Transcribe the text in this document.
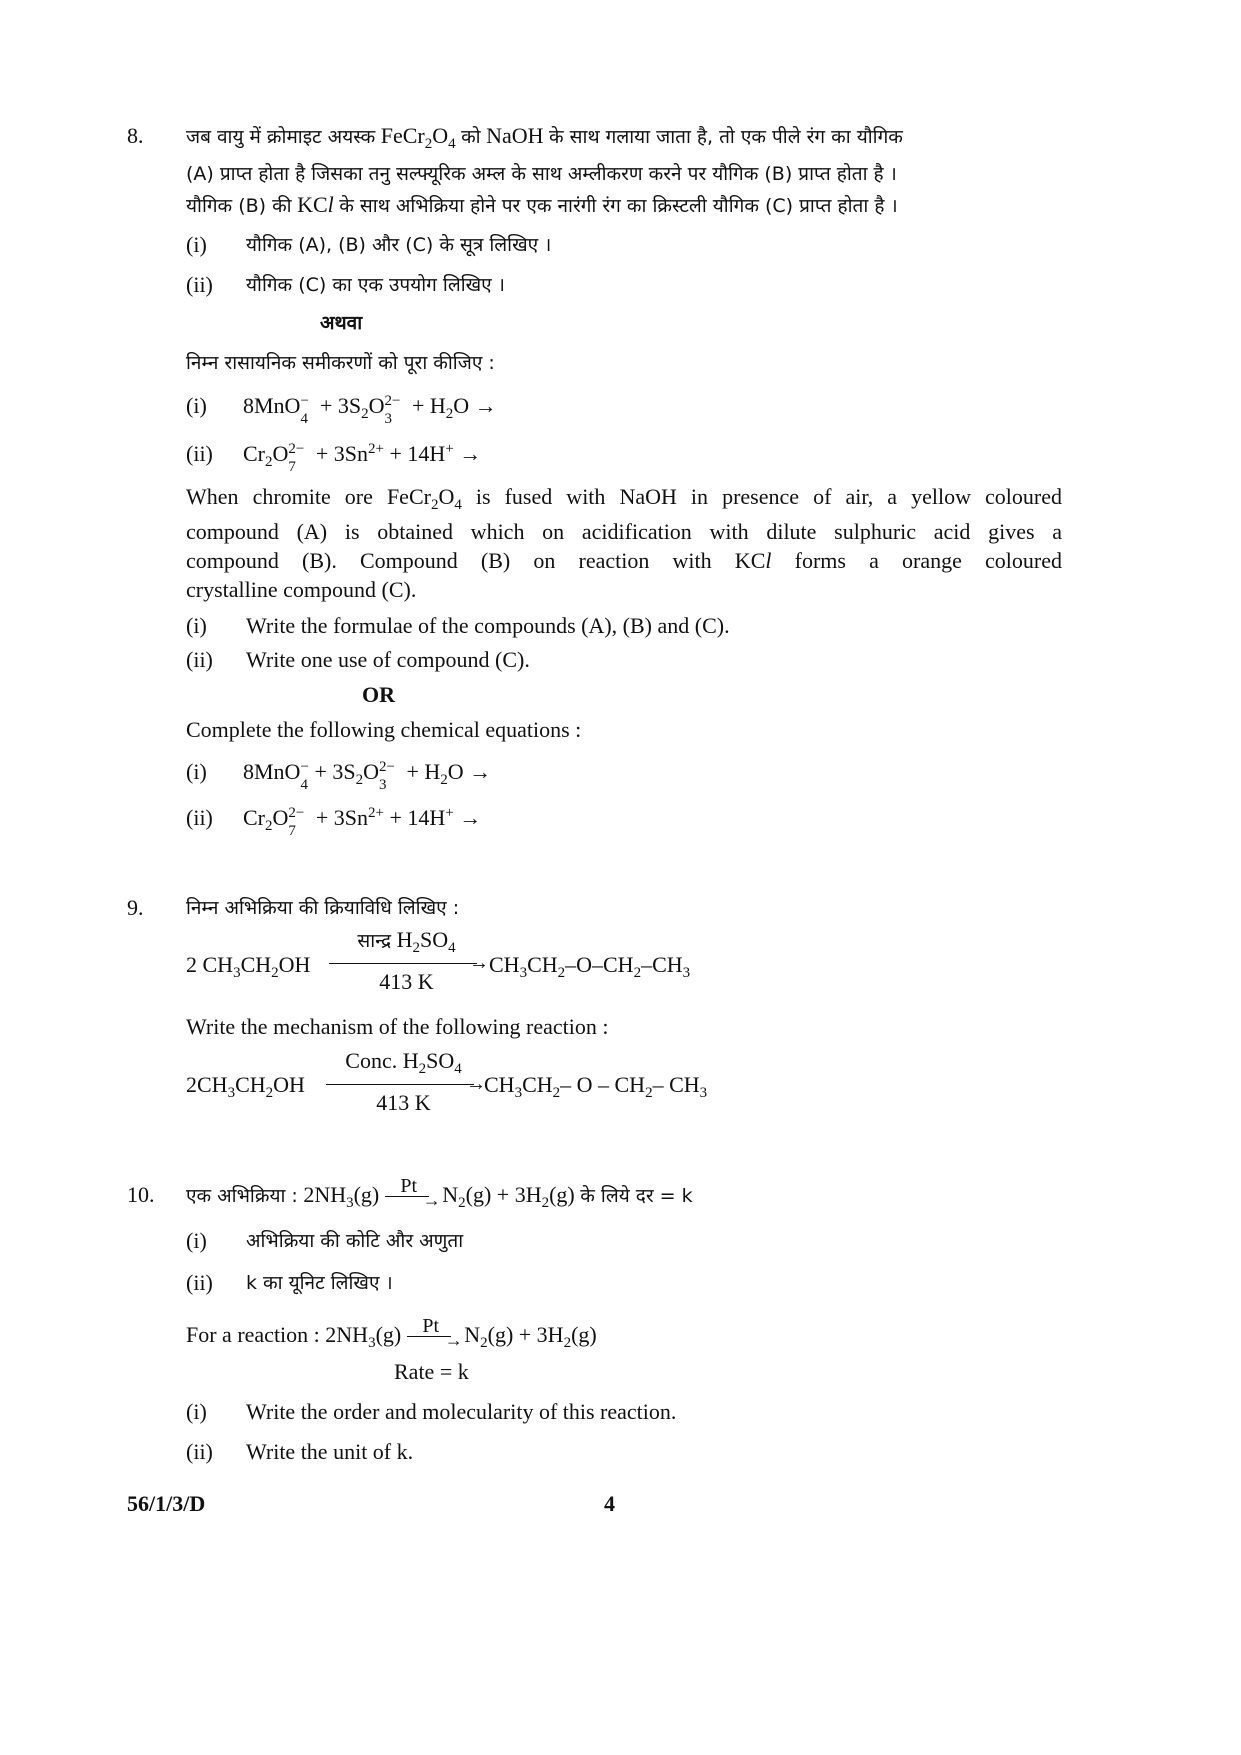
8. जब वायु में क्रोमाइट अयस्क $FeCr_2O_4$ को NaOH के साथ गलाया जाता है, तो एक पीले रंग का यौगिक
(A) प्राप्त होता है जिसका तनु सल्फ्यूरिक अम्ल के साथ अम्लीकरण करने पर यौगिक (B) प्राप्त होता है ।
यौगिक (B) की KCl के साथ अभिक्रिया होने पर एक नारंगी रंग का क्रिस्टली यौगिक (C) प्राप्त होता है ।
(i) यौगिक (A), (B) और (C) के सूत्र लिखिए ।
(ii) यौगिक (C) का एक उपयोग लिखिए ।
अथवा
निम्न रासायनिक समीकरणों को पूरा कीजिए :
(i) 8MnO −
4
+ $3S_2O$ 2−
3
+ $H_2O$ →
(ii) $Cr_2O$ 2−
7
+ $3Sn^{2+} + 14H^+$ →
When chromite ore $FeCr_2O_4$ is fused with NaOH in presence of air, a yellow coloured
compound (A) is obtained which on acidification with dilute sulphuric acid gives a
compound (B). Compound (B) on reaction with KCl forms a orange coloured
crystalline compound (C).
(i) Write the formulae of the compounds (A), (B) and (C).
(ii) Write one use of compound (C).
OR
Complete the following chemical equations :
(i) 8MnO −
4
+ $3S_2O$ 2−
3
+ $H_2O$ →
(ii) $Cr_2O$ 2−
7
+ $3Sn^{2+} + 14H^+$ →
9. निम्न अभिक्रिया की क्रियाविधि लिखिए :
2 $CH_3CH_2OH$
सान्द्र $H_2SO_4$
→
413 K
$CH_3CH_2-O-CH_2-CH_3$
Write the mechanism of the following reaction :
$2CH_3CH_2OH$
Conc. $H_2SO_4$
→
413 K
$CH_3CH_2-$ O – $CH_2-$ $CH_3$
10. एक अभिक्रिया : $2NH_3(g)$ Pt
→
$N_2(g) + 3H_2(g)$ के लिये दर = k
(i) अभिक्रिया की कोटि और अणुता
(ii) k का यूनिट लिखिए ।
For a reaction : $2NH_3(g)$ Pt
→
$N_2(g) + 3H_2(g)$
Rate = k
(i) Write the order and molecularity of this reaction.
(ii) Write the unit of k.
56/1/3/D	4
